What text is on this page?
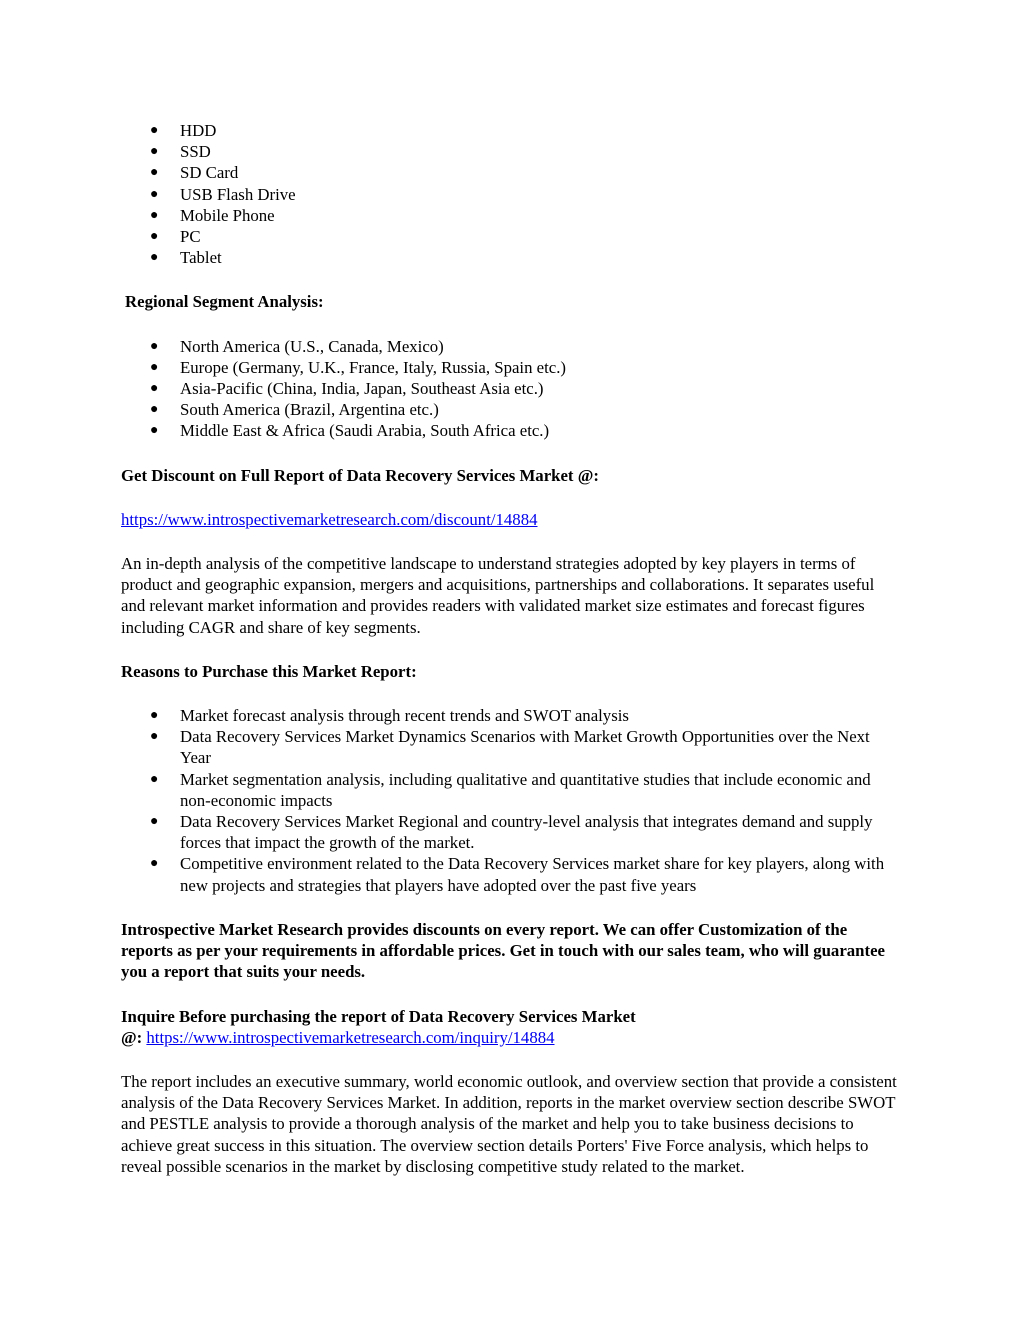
● HDD
● SSD
● SD Card
● USB Flash Drive
● Mobile Phone
● PC
● Tablet

Regional Segment Analysis:

● North America (U.S., Canada, Mexico)
● Europe (Germany, U.K., France, Italy, Russia, Spain etc.)
● Asia-Pacific (China, India, Japan, Southeast Asia etc.)
● South America (Brazil, Argentina etc.)
● Middle East & Africa (Saudi Arabia, South Africa etc.)

Get Discount on Full Report of Data Recovery Services Market @:

https://www.introspectivemarketresearch.com/discount/14884

An in-depth analysis of the competitive landscape to understand strategies adopted by key players in terms of product and geographic expansion, mergers and acquisitions, partnerships and collaborations. It separates useful and relevant market information and provides readers with validated market size estimates and forecast figures including CAGR and share of key segments.

Reasons to Purchase this Market Report:

● Market forecast analysis through recent trends and SWOT analysis
● Data Recovery Services Market Dynamics Scenarios with Market Growth Opportunities over the Next Year
● Market segmentation analysis, including qualitative and quantitative studies that include economic and non-economic impacts
● Data Recovery Services Market Regional and country-level analysis that integrates demand and supply forces that impact the growth of the market.
● Competitive environment related to the Data Recovery Services market share for key players, along with new projects and strategies that players have adopted over the past five years

Introspective Market Research provides discounts on every report. We can offer Customization of the reports as per your requirements in affordable prices. Get in touch with our sales team, who will guarantee you a report that suits your needs.

Inquire Before purchasing the report of Data Recovery Services Market
@: https://www.introspectivemarketresearch.com/inquiry/14884

The report includes an executive summary, world economic outlook, and overview section that provide a consistent analysis of the Data Recovery Services Market. In addition, reports in the market overview section describe SWOT and PESTLE analysis to provide a thorough analysis of the market and help you to take business decisions to achieve great success in this situation. The overview section details Porters' Five Force analysis, which helps to reveal possible scenarios in the market by disclosing competitive study related to the market.
